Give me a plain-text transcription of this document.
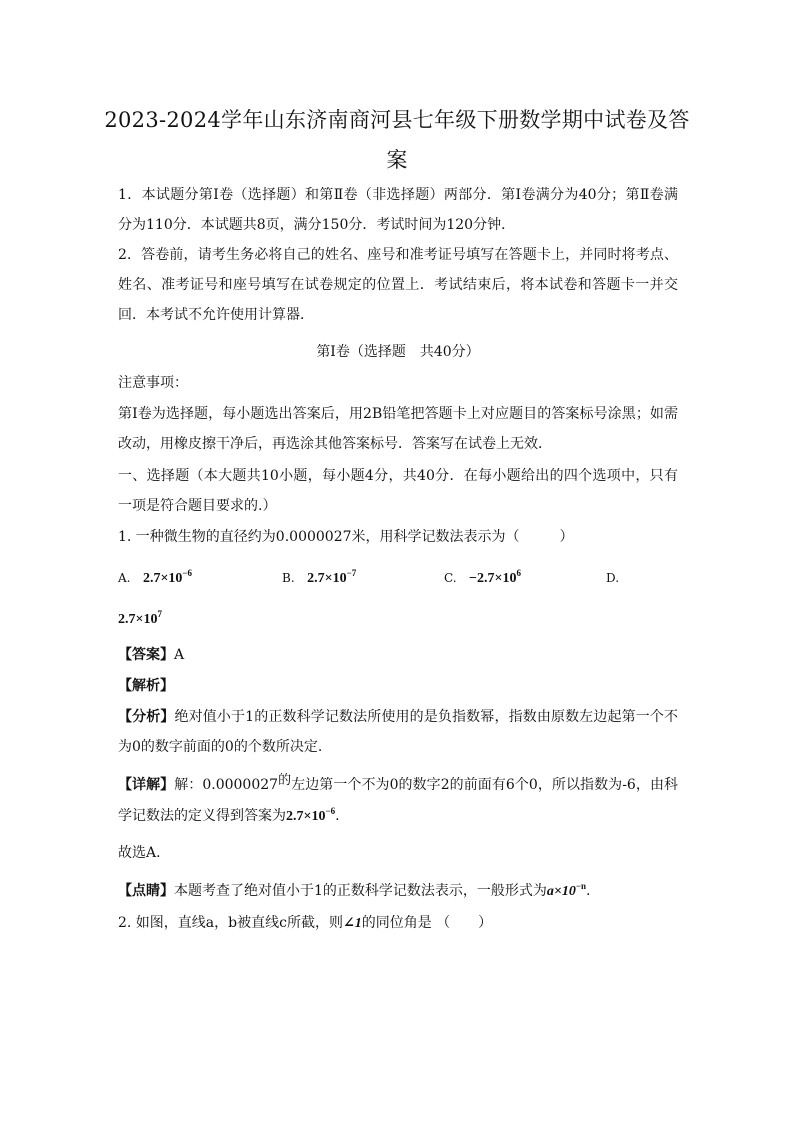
2023-2024学年山东济南商河县七年级下册数学期中试卷及答案
1．本试题分第Ⅰ卷（选择题）和第Ⅱ卷（非选择题）两部分．第Ⅰ卷满分为40分；第Ⅱ卷满分为110分．本试题共8页，满分150分．考试时间为120分钟．
2．答卷前，请考生务必将自己的姓名、座号和准考证号填写在答题卡上，并同时将考点、姓名、准考证号和座号填写在试卷规定的位置上．考试结束后，将本试卷和答题卡一并交回．本考试不允许使用计算器．
第Ⅰ卷（选择题　共40分）
注意事项：
第Ⅰ卷为选择题，每小题选出答案后，用2B铅笔把答题卡上对应题目的答案标号涂黑；如需改动，用橡皮擦干净后，再选涂其他答案标号．答案写在试卷上无效．
一、选择题（本大题共10小题，每小题4分，共40分．在每小题给出的四个选项中，只有一项是符合题目要求的.）
1. 一种微生物的直径约为0.0000027米，用科学记数法表示为（	）
A. $2.7\times 10^{-6}$	B. $2.7\times 10^{-7}$	C. $-2.7\times 10^6$	D.
$2.7\times 10^7$
【答案】A
【解析】
【分析】绝对值小于1的正数科学记数法所使用的是负指数幂，指数由原数左边起第一个不为0的数字前面的0的个数所决定.
【详解】解：0.0000027的左边第一个不为0的数字2的前面有6个0，所以指数为-6，由科学记数法的定义得到答案为$2.7\times 10^{-6}$.
故选A.
【点睛】本题考查了绝对值小于1的正数科学记数法表示，一般形式为$a\times 10^{-n}$.
2. 如图，直线a，b被直线c所截，则∠1的同位角是 （ ）
